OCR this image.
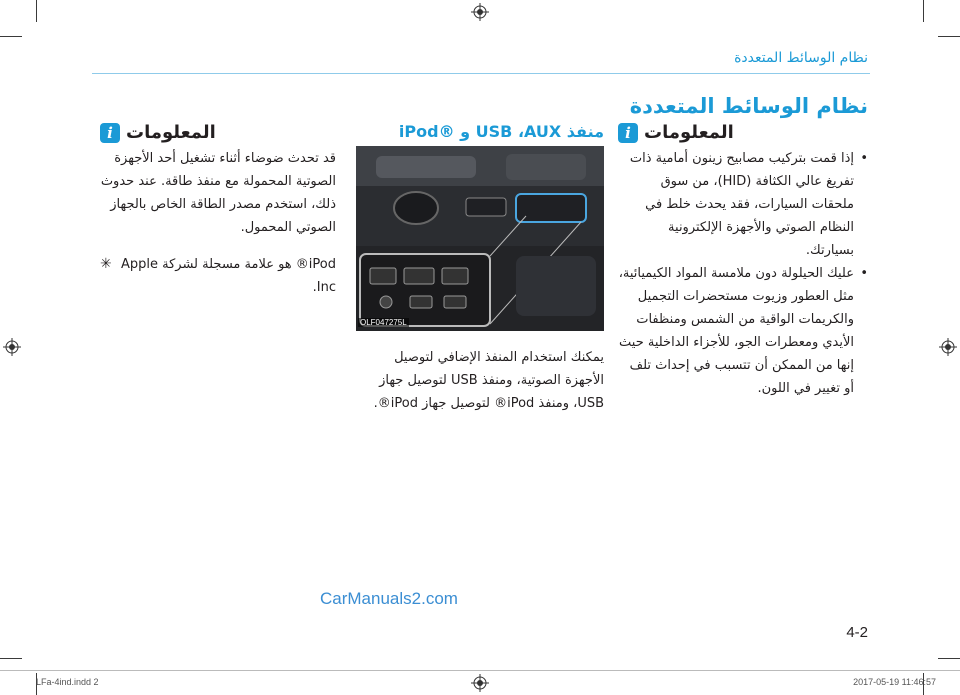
نظام الوسائط المتعددة
نظام الوسائط المتعددة
i المعلومات
• إذا قمت بتركيب مصابيح زينون أمامية ذات تفريغ عالي الكثافة (HID)، من سوق ملحقات السيارات، فقد يحدث خلط في النظام الصوتي والأجهزة الإلكترونية بسيارتك.
• عليك الحيلولة دون ملامسة المواد الكيميائية، مثل العطور وزيوت مستحضرات التجميل والكريمات الواقية من الشمس ومنظفات الأيدي ومعطرات الجو، للأجزاء الداخلية حيث إنها من الممكن أن تتسبب في إحداث تلف أو تغيير في اللون.
منفذ USB ،AUX و ®iPod
OLF047275L

يمكنك استخدام المنفذ الإضافي لتوصيل الأجهزة الصوتية، ومنفذ USB لتوصيل جهاز USB، ومنفذ iPod® لتوصيل جهاز iPod®.

i المعلومات

قد تحدث ضوضاء أثناء تشغيل أحد الأجهزة الصوتية المحمولة مع منفذ طاقة. عند حدوث ذلك، استخدم مصدر الطاقة الخاص بالجهاز الصوتي المحمول.

✳ iPod® هو علامة مسجلة لشركة Apple Inc.
CarManuals2.com
4-2
LFa-4ind.indd 2	2017-05-19 11:46:57
